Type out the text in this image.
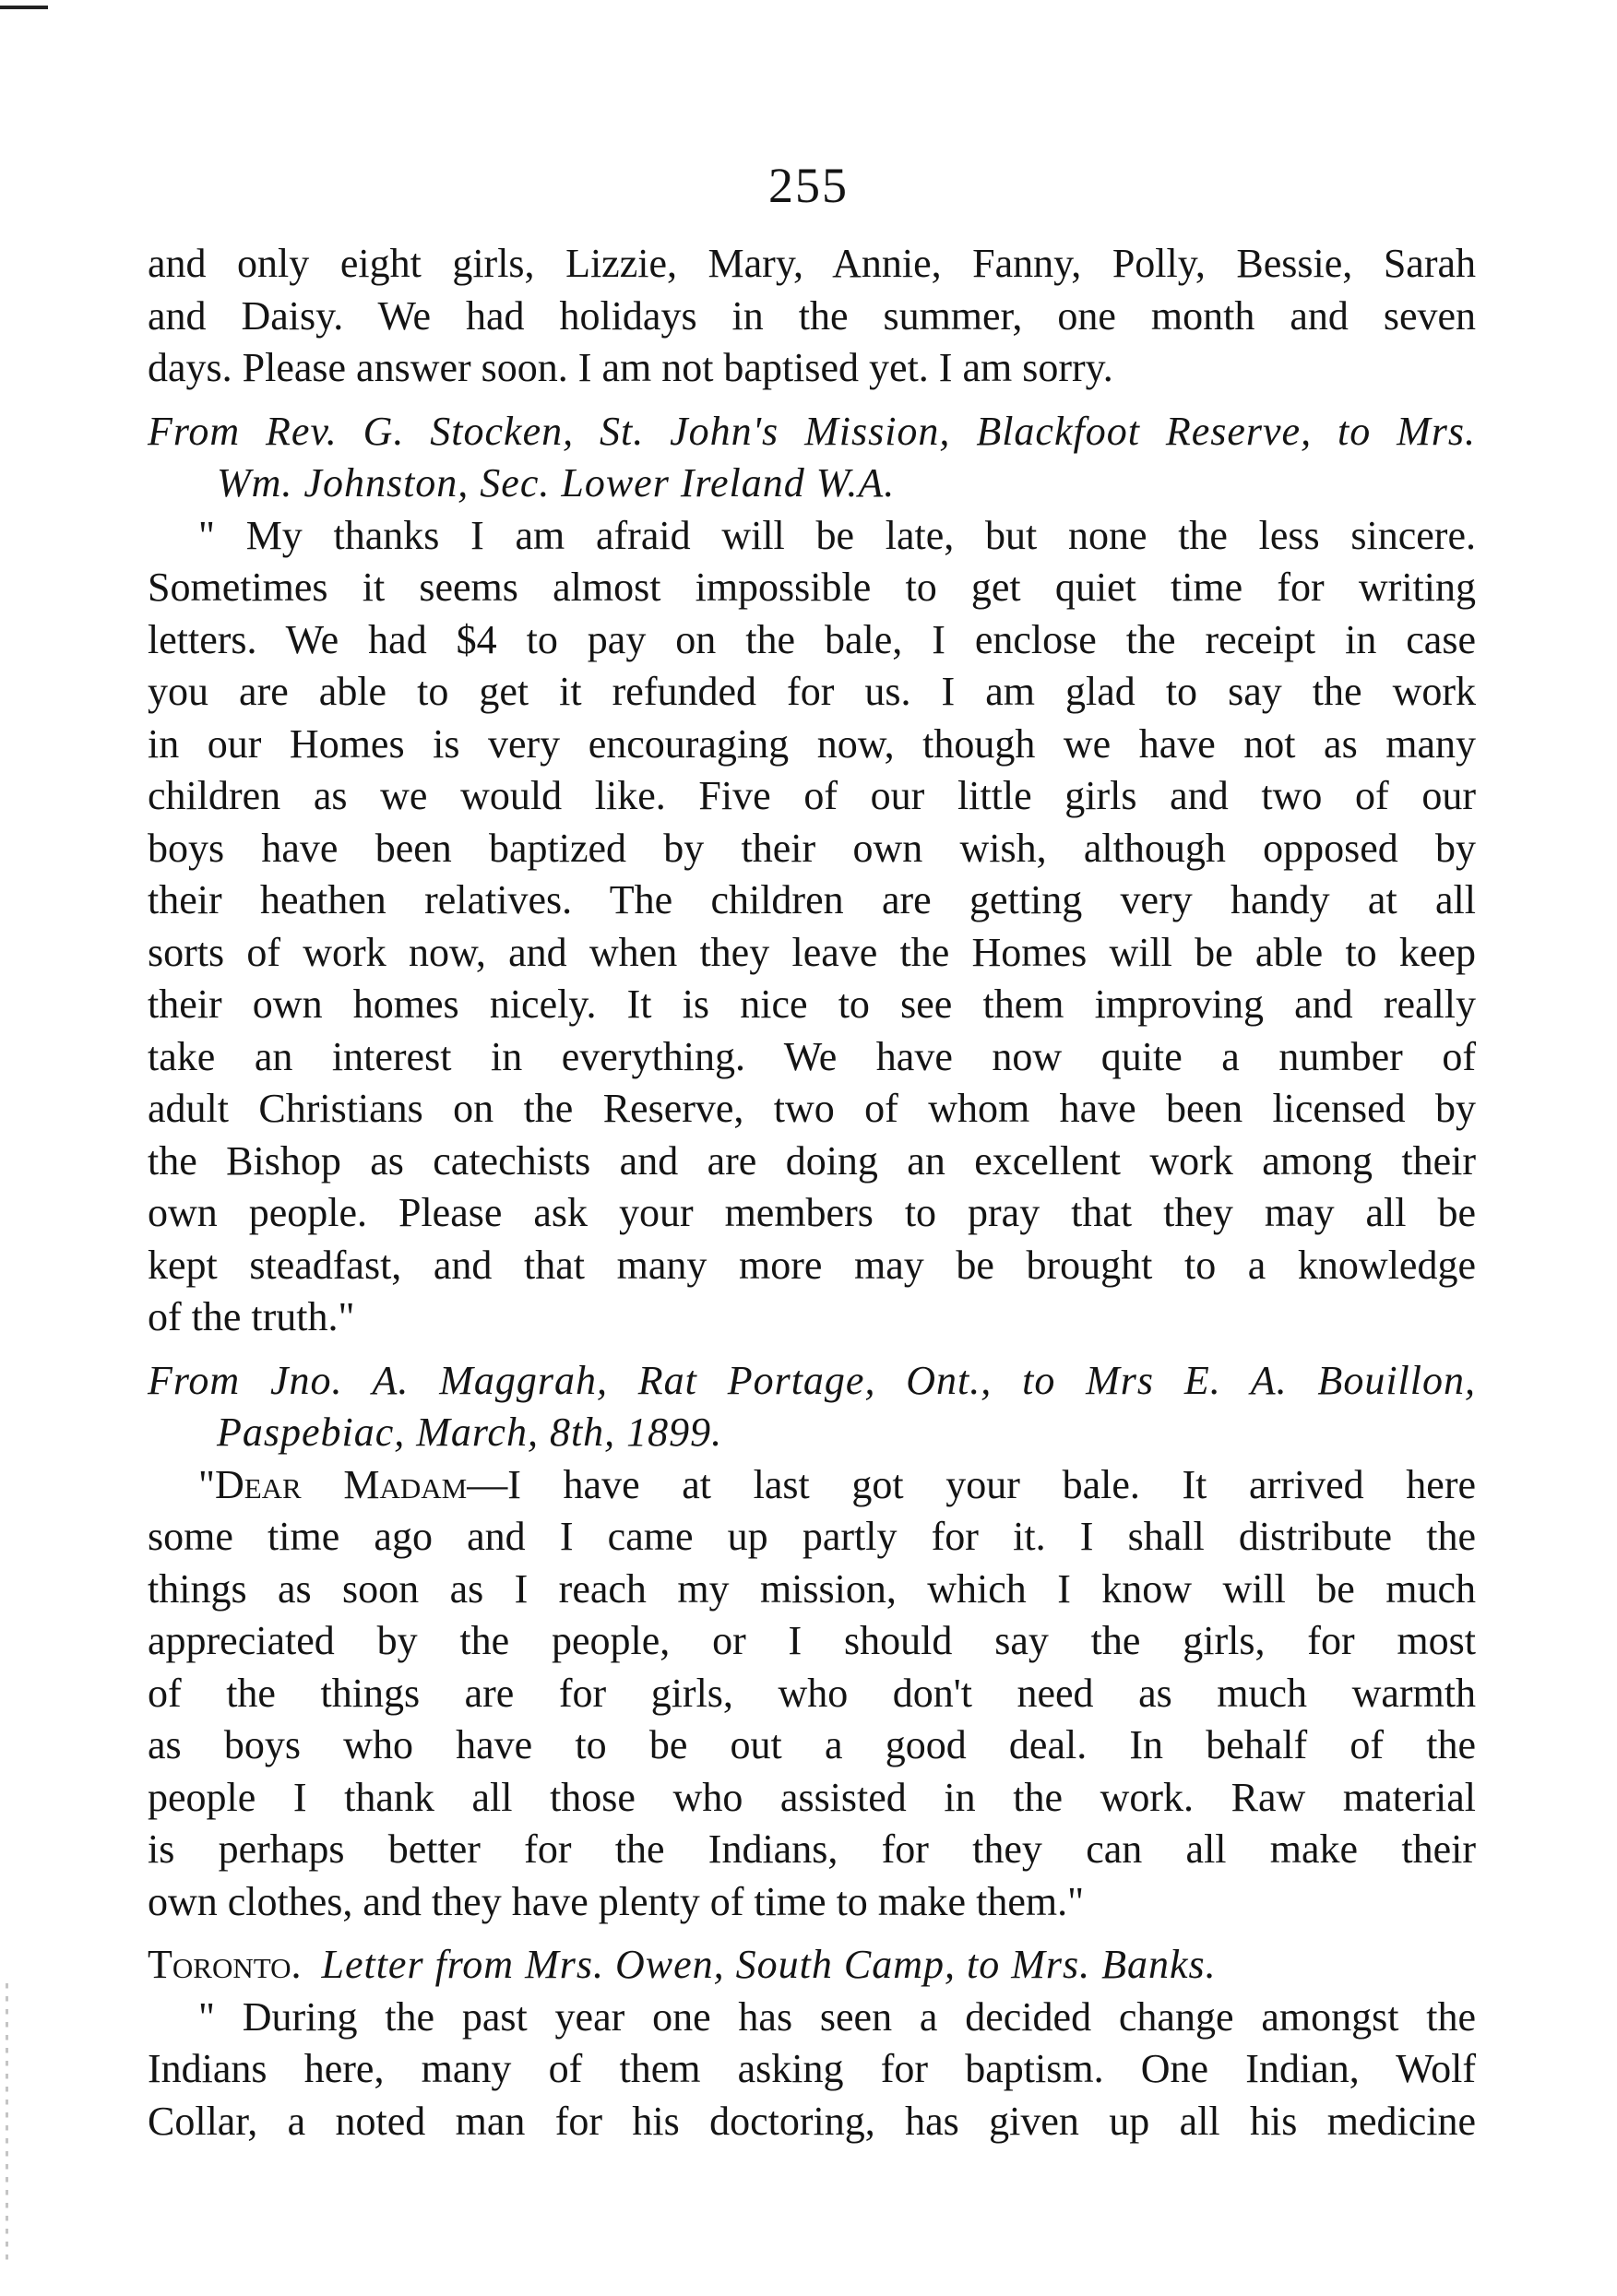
255
and only eight girls, Lizzie, Mary, Annie, Fanny, Polly, Bessie, Sarah
and Daisy. We had holidays in the summer, one month and seven
days. Please answer soon. I am not baptised yet. I am sorry.
From Rev. G. Stocken, St. John's Mission, Blackfoot Reserve, to Mrs.
Wm. Johnston, Sec. Lower Ireland W.A.
" My thanks I am afraid will be late, but none the less sincere.
Sometimes it seems almost impossible to get quiet time for writing
letters. We had $4 to pay on the bale, I enclose the receipt in case
you are able to get it refunded for us. I am glad to say the work
in our Homes is very encouraging now, though we have not as many
children as we would like. Five of our little girls and two of our
boys have been baptized by their own wish, although opposed by
their heathen relatives. The children are getting very handy at all
sorts of work now, and when they leave the Homes will be able to keep
their own homes nicely. It is nice to see them improving and really
take an interest in everything. We have now quite a number of
adult Christians on the Reserve, two of whom have been licensed by
the Bishop as catechists and are doing an excellent work among their
own people. Please ask your members to pray that they may all be
kept steadfast, and that many more may be brought to a knowledge
of the truth."
From Jno. A. Maggrah, Rat Portage, Ont., to Mrs E. A. Bouillon,
Paspebiac, March, 8th, 1899.
"Dear Madam—I have at last got your bale. It arrived here
some time ago and I came up partly for it. I shall distribute the
things as soon as I reach my mission, which I know will be much
appreciated by the people, or I should say the girls, for most
of the things are for girls, who don't need as much warmth
as boys who have to be out a good deal. In behalf of the
people I thank all those who assisted in the work. Raw material
is perhaps better for the Indians, for they can all make their
own clothes, and they have plenty of time to make them."
Toronto. Letter from Mrs. Owen, South Camp, to Mrs. Banks.
" During the past year one has seen a decided change amongst the
Indians here, many of them asking for baptism. One Indian, Wolf
Collar, a noted man for his doctoring, has given up all his medicine
